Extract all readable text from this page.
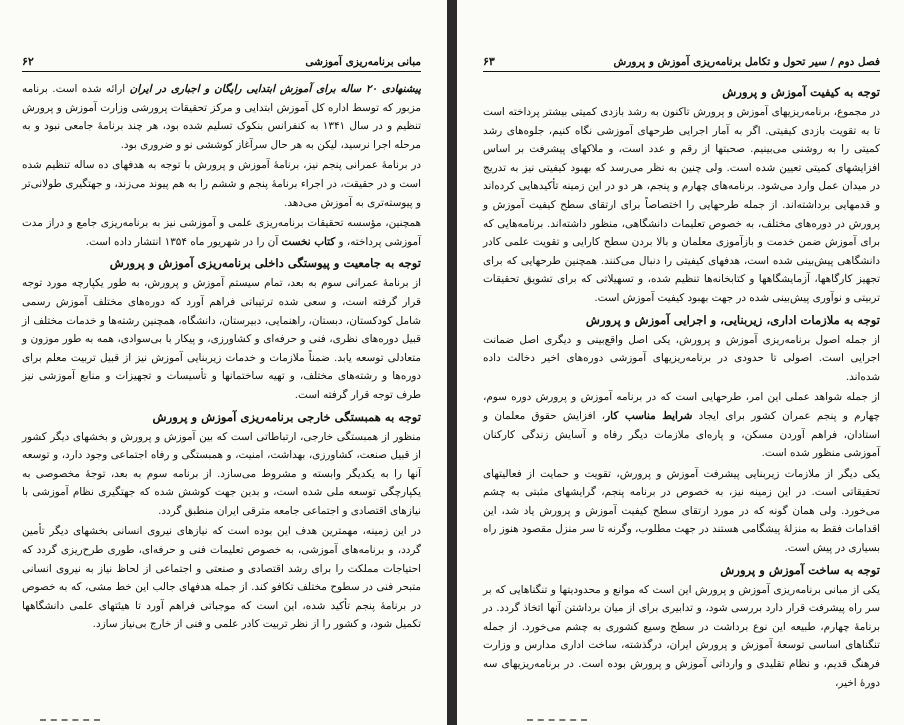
۶۲	مبانی برنامه‌ریزی آموزشی

پیشنهادی ۲۰ ساله برای آموزش ابتدایی رایگان و اجباری در ایران ارائه شده است. برنامه مزبور که توسط اداره کل آموزش ابتدایی و مرکز تحقیقات پرورشی وزارت آموزش و پرورش تنظیم و در سال ۱۳۴۱ به کنفرانس بنکوک تسلیم شده بود، هر چند برنامهٔ جامعی نبود و به مرحله اجرا نرسید، لیکن به هر حال سرآغاز کوششی نو و ضروری بود.

در برنامهٔ عمرانی پنجم نیز، برنامهٔ آموزش و پرورش با توجه به هدفهای ده ساله تنظیم شده است و در حقیقت، در اجراء برنامهٔ پنجم و ششم را به هم پیوند می‌زند، و جهتگیری طولانی‌تر و پیوسته‌تری به آموزش می‌دهد.

همچنین، مؤسسه تحقیقات برنامه‌ریزی علمی و آموزشی نیز به برنامه‌ریزی جامع و دراز مدت آموزشی پرداخته، و کتاب نخست آن را در شهریور ماه ۱۳۵۴ انتشار داده است.

توجه به جامعیت و پیوستگی داخلی برنامه‌ریزی آموزش و پرورش

از برنامهٔ عمرانی سوم به بعد، تمام سیستم آموزش و پرورش، به طور یکپارچه مورد توجه قرار گرفته است، و سعی شده ترتیباتی فراهم آورد که دوره‌های مختلف آموزش رسمی شامل کودکستان، دبستان، راهنمایی، دبیرستان، دانشگاه، همچنین رشته‌ها و خدمات مختلف از قبیل دوره‌های نظری، فنی و حرفه‌ای و کشاورزی، و پیکار با بی‌سوادی، همه به طور موزون و متعادلی توسعه یابد. ضمناً ملازمات و خدمات زیربنایی آموزش نیز از قبیل تربیت معلم برای دوره‌ها و رشته‌های مختلف، و تهیه ساختمانها و تأسیسات و تجهیزات و منابع آموزشی نیز طرف توجه قرار گرفته است.

توجه به همبستگی خارجی برنامه‌ریزی آموزش و پرورش

منظور از همبستگی خارجی، ارتباطاتی است که بین آموزش و پرورش و بخشهای دیگر کشور از قبیل صنعت، کشاورزی، بهداشت، امنیت، و همبستگی و رفاه اجتماعی وجود دارد، و توسعه آنها را به یکدیگر وابسته و مشروط می‌سازد. از برنامه سوم به بعد، توجهٔ مخصوصی به یکپارچگی توسعه ملی شده است، و بدین جهت کوشش شده که جهتگیری نظام آموزشی با نیازهای اقتصادی و اجتماعی جامعه مترقی ایران منطبق گردد.

در این زمینه، مهمترین هدف این بوده است که نیازهای نیروی انسانی بخشهای دیگر تأمین گردد، و برنامه‌های آموزشی، به خصوص تعلیمات فنی و حرفه‌ای، طوری طرح‌ریزی گردد که احتیاجات مملکت را برای رشد اقتصادی و صنعتی و اجتماعی از لحاظ نیاز به نیروی انسانی متبحر فنی در سطوح مختلف تکافو کند. از جمله هدفهای جالب این خط مشی، که به خصوص در برنامهٔ پنجم تأکید شده، این است که موجباتی فراهم آورد تا هیئتهای علمی دانشگاهها تکمیل شود، و کشور را از نظر تربیت کادر علمی و فنی از خارج بی‌نیاز سازد.

۶۳	فصل دوم / سیر تحول و تکامل برنامه‌ریزی آموزش و پرورش
توجه به کیفیت آموزش و پرورش

در مجموع، برنامه‌ریزیهای آموزش و پرورش تاکنون به رشد بازدی کمیتی بیشتر پرداخته است تا به تقویت بازدی کیفیتی. اگر به آمار اجرایی طرحهای آموزشی نگاه کنیم، جلوه‌های رشد کمیتی را به روشنی می‌بینیم. صحبتها از رقم و عدد است، و ملاکهای پیشرفت بر اساس افزایشهای کمیتی تعیین شده است. ولی چنین به نظر می‌رسد که بهبود کیفیتی نیز به تدریج در میدان عمل وارد می‌شود. برنامه‌های چهارم و پنجم، هر دو در این زمینه تأکیدهایی کرده‌اند و قدمهایی برداشته‌اند. از جمله طرحهایی را اختصاصاً برای ارتقای سطح کیفیت آموزش و پرورش در دوره‌های مختلف، به خصوص تعلیمات دانشگاهی، منظور داشته‌اند. برنامه‌هایی که برای آموزش ضمن خدمت و بازآموزی معلمان و بالا بردن سطح کارایی و تقویت علمی کادر دانشگاهی پیش‌بینی شده است، هدفهای کیفیتی را دنبال می‌کنند. همچنین طرحهایی که برای تجهیز کارگاهها، آزمایشگاهها و کتابخانه‌ها تنظیم شده، و تسهیلاتی که برای تشویق تحقیقات تربیتی و نوآوری پیش‌بینی شده در جهت بهبود کیفیت آموزش است.

توجه به ملازمات اداری، زیربنایی، و اجرایی آموزش و پرورش

از جمله اصول برنامه‌ریزی آموزش و پرورش، یکی اصل واقع‌بینی و دیگری اصل ضمانت اجرایی است. اصولی تا حدودی در برنامه‌ریزیهای آموزشی دوره‌های اخیر دخالت داده شده‌اند.

از جمله شواهد عملی این امر، طرحهایی است که در برنامه آموزش و پرورش دوره سوم، چهارم و پنجم عمران کشور برای ایجاد شرایط مناسب کار، افزایش حقوق معلمان و استادان، فراهم آوردن مسکن، و پاره‌ای ملازمات دیگر رفاه و آسایش زندگی کارکنان آموزشی منظور شده است.

یکی دیگر از ملازمات زیربنایی پیشرفت آموزش و پرورش، تقویت و حمایت از فعالیتهای تحقیقاتی است. در این زمینه نیز، به خصوص در برنامه پنجم، گرایشهای مثبتی به چشم می‌خورد. ولی همان گونه که در مورد ارتقای سطح کیفیت آموزش و پرورش یاد شد، این اقدامات فقط به منزلهٔ پیشگامی هستند در جهت مطلوب، وگرنه تا سر منزل مقصود هنوز راه بسیاری در پیش است.

توجه به ساخت آموزش و پرورش

یکی از مبانی برنامه‌ریزی آموزش و پرورش این است که موانع و محدودیتها و تنگناهایی که بر سر راه پیشرفت قرار دارد بررسی شود، و تدابیری برای از میان برداشتن آنها اتخاذ گردد. در برنامهٔ چهارم، طبیعه این نوع برداشت در سطح وسیع کشوری به چشم می‌خورد. از جمله تنگناهای اساسی توسعهٔ آموزش و پرورش ایران، درگذشته، ساخت اداری مدارس و وزارت فرهنگ قدیم، و نظام تقلیدی و وارداتی آموزش و پرورش بوده است. در برنامه‌ریزیهای سه دورهٔ اخیر،
